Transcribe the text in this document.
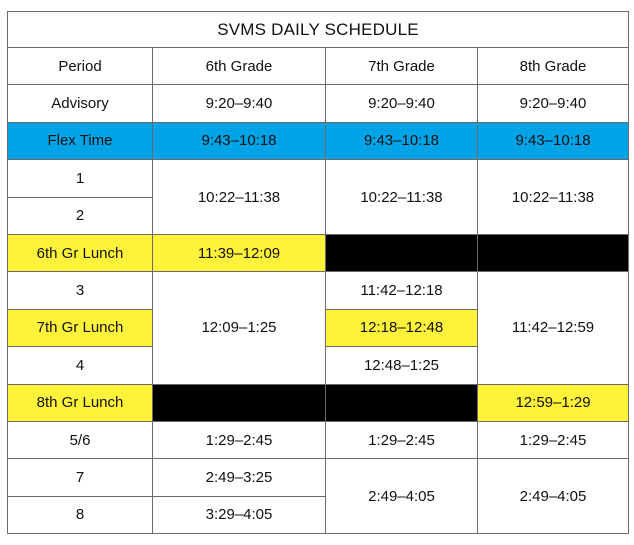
SVMS DAILY SCHEDULE			
Period	6th Grade	7th Grade	8th Grade
Advisory	9:20–9:40	9:20–9:40	9:20–9:40
Flex Time	9:43–10:18	9:43–10:18	9:43–10:18
1	10:22–11:38	10:22–11:38	10:22–11:38
2			
6th Gr Lunch	11:39–12:09		
3	12:09–1:25	11:42–12:18	11:42–12:59
7th Gr Lunch		12:18–12:48	
4		12:48–1:25	
8th Gr Lunch			12:59–1:29
5/6	1:29–2:45	1:29–2:45	1:29–2:45
7	2:49–3:25	2:49–4:05	2:49–4:05
8	3:29–4:05		
